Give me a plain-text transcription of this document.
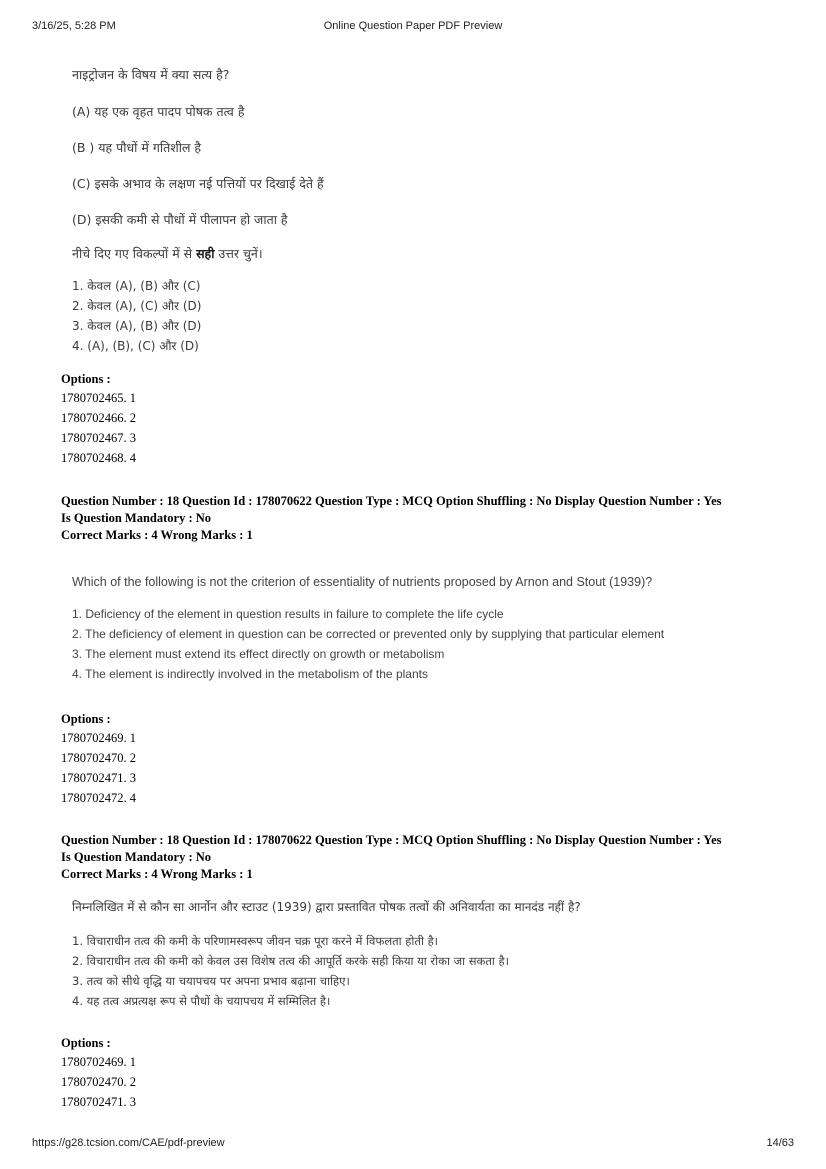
3/16/25, 5:28 PM	Online Question Paper PDF Preview

नाइट्रोजन के विषय में क्या सत्य है?

(A) यह एक वृहत पादप पोषक तत्व है

(B ) यह पौधों में गतिशील है

(C) इसके अभाव के लक्षण नई पत्तियों पर दिखाई देते हैं

(D) इसकी कमी से पौधों में पीलापन हो जाता है

नीचे दिए गए विकल्पों में से सही उत्तर चुनें।

1. केवल (A), (B) और (C)

2. केवल (A), (C) और (D)

3. केवल (A), (B) और (D)

4. (A), (B), (C) और (D)

Options :
1780702465. 1
1780702466. 2
1780702467. 3
1780702468. 4
Question Number : 18 Question Id : 178070622 Question Type : MCQ Option Shuffling : No Display Question Number : Yes
Is Question Mandatory : No
Correct Marks : 4 Wrong Marks : 1

Which of the following is not the criterion of essentiality of nutrients proposed by Arnon and Stout (1939)?

1. Deficiency of the element in question results in failure to complete the life cycle

2. The deficiency of element in question can be corrected or prevented only by supplying that particular element

3. The element must extend its effect directly on growth or metabolism

4. The element is indirectly involved in the metabolism of the plants

Options :
1780702469. 1
1780702470. 2
1780702471. 3
1780702472. 4
Question Number : 18 Question Id : 178070622 Question Type : MCQ Option Shuffling : No Display Question Number : Yes
Is Question Mandatory : No
Correct Marks : 4 Wrong Marks : 1

निम्नलिखित में से कौन सा आर्नोन और स्टाउट (1939) द्वारा प्रस्तावित पोषक तत्वों की अनिवार्यता का मानदंड नहीं है?

1. विचाराधीन तत्व की कमी के परिणामस्वरूप जीवन चक्र पूरा करने में विफलता होती है।

2. विचाराधीन तत्व की कमी को केवल उस विशेष तत्व की आपूर्ति करके सही किया या रोका जा सकता है।

3. तत्व को सीधे वृद्धि या चयापचय पर अपना प्रभाव बढ़ाना चाहिए।

4. यह तत्व अप्रत्यक्ष रूप से पौधों के चयापचय में सम्मिलित है।

Options :
1780702469. 1
1780702470. 2
1780702471. 3
https://g28.tcsion.com/CAE/pdf-preview	14/63
